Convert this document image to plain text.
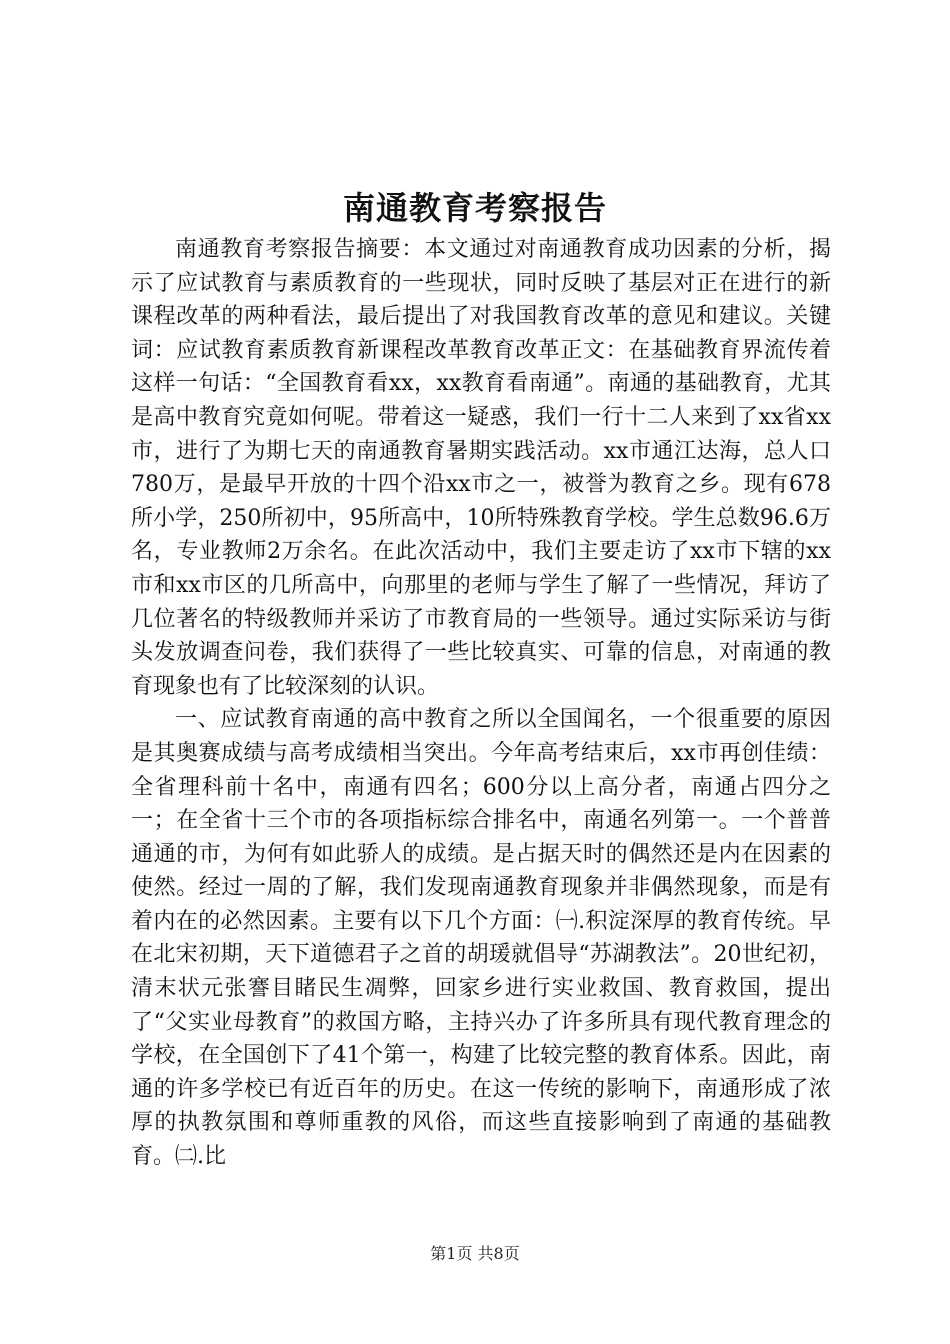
南通教育考察报告

南通教育考察报告摘要：本文通过对南通教育成功因素的分析，揭示了应试教育与素质教育的一些现状，同时反映了基层对正在进行的新课程改革的两种看法，最后提出了对我国教育改革的意见和建议。关键词：应试教育素质教育新课程改革教育改革正文：在基础教育界流传着这样一句话：“全国教育看xx，xx教育看南通”。南通的基础教育，尤其是高中教育究竟如何呢。带着这一疑惑，我们一行十二人来到了xx省xx市，进行了为期七天的南通教育暑期实践活动。xx市通江达海，总人口780万，是最早开放的十四个沿xx市之一，被誉为教育之乡。现有678所小学，250所初中，95所高中，10所特殊教育学校。学生总数96.6万名，专业教师2万余名。在此次活动中，我们主要走访了xx市下辖的xx市和xx市区的几所高中，向那里的老师与学生了解了一些情况，拜访了几位著名的特级教师并采访了市教育局的一些领导。通过实际采访与街头发放调查问卷，我们获得了一些比较真实、可靠的信息，对南通的教育现象也有了比较深刻的认识。

一、应试教育南通的高中教育之所以全国闻名，一个很重要的原因是其奥赛成绩与高考成绩相当突出。今年高考结束后，xx市再创佳绩：全省理科前十名中，南通有四名；600分以上高分者，南通占四分之一；在全省十三个市的各项指标综合排名中，南通名列第一。一个普普通通的市，为何有如此骄人的成绩。是占据天时的偶然还是内在因素的使然。经过一周的了解，我们发现南通教育现象并非偶然现象，而是有着内在的必然因素。主要有以下几个方面：㈠.积淀深厚的教育传统。早在北宋初期，天下道德君子之首的胡瑗就倡导“苏湖教法”。20世纪初，清末状元张謇目睹民生凋弊，回家乡进行实业救国、教育救国，提出了“父实业母教育”的救国方略，主持兴办了许多所具有现代教育理念的学校，在全国创下了41个第一，构建了比较完整的教育体系。因此，南通的许多学校已有近百年的历史。在这一传统的影响下，南通形成了浓厚的执教氛围和尊师重教的风俗，而这些直接影响到了南通的基础教育。㈡.比

第1页 共8页
